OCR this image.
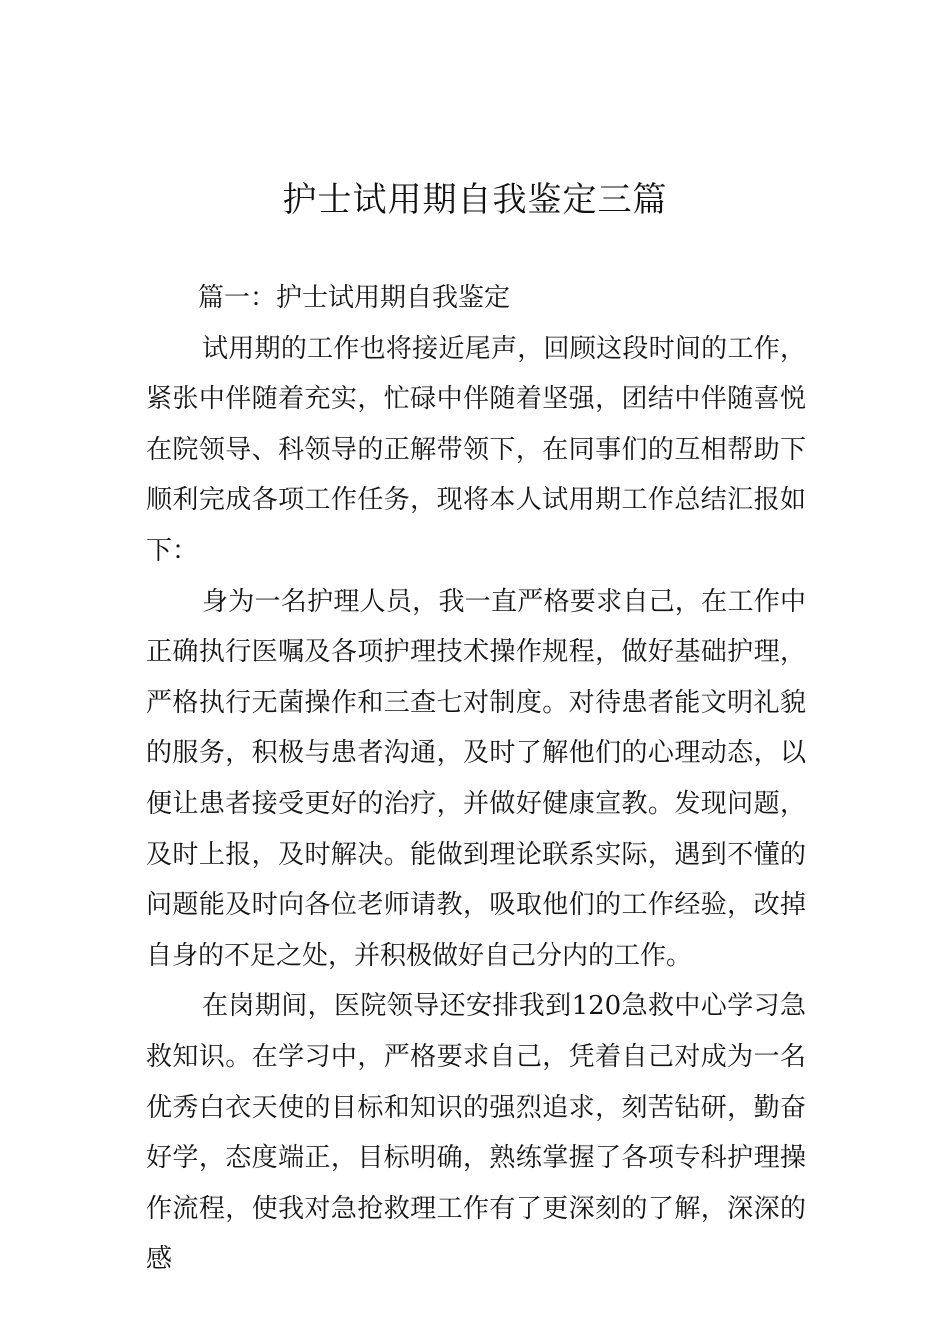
护士试用期自我鉴定三篇

篇一：护士试用期自我鉴定

试用期的工作也将接近尾声，回顾这段时间的工作，紧张中伴随着充实，忙碌中伴随着坚强，团结中伴随喜悦在院领导、科领导的正解带领下，在同事们的互相帮助下顺利完成各项工作任务，现将本人试用期工作总结汇报如下：

身为一名护理人员，我一直严格要求自己，在工作中正确执行医嘱及各项护理技术操作规程，做好基础护理，严格执行无菌操作和三查七对制度。对待患者能文明礼貌的服务，积极与患者沟通，及时了解他们的心理动态，以便让患者接受更好的治疗，并做好健康宣教。发现问题，及时上报，及时解决。能做到理论联系实际，遇到不懂的问题能及时向各位老师请教，吸取他们的工作经验，改掉自身的不足之处，并积极做好自己分内的工作。

在岗期间，医院领导还安排我到120急救中心学习急救知识。在学习中，严格要求自己，凭着自己对成为一名优秀白衣天使的目标和知识的强烈追求，刻苦钻研，勤奋好学，态度端正，目标明确，熟练掌握了各项专科护理操作流程，使我对急抢救理工作有了更深刻的了解，深深的感
